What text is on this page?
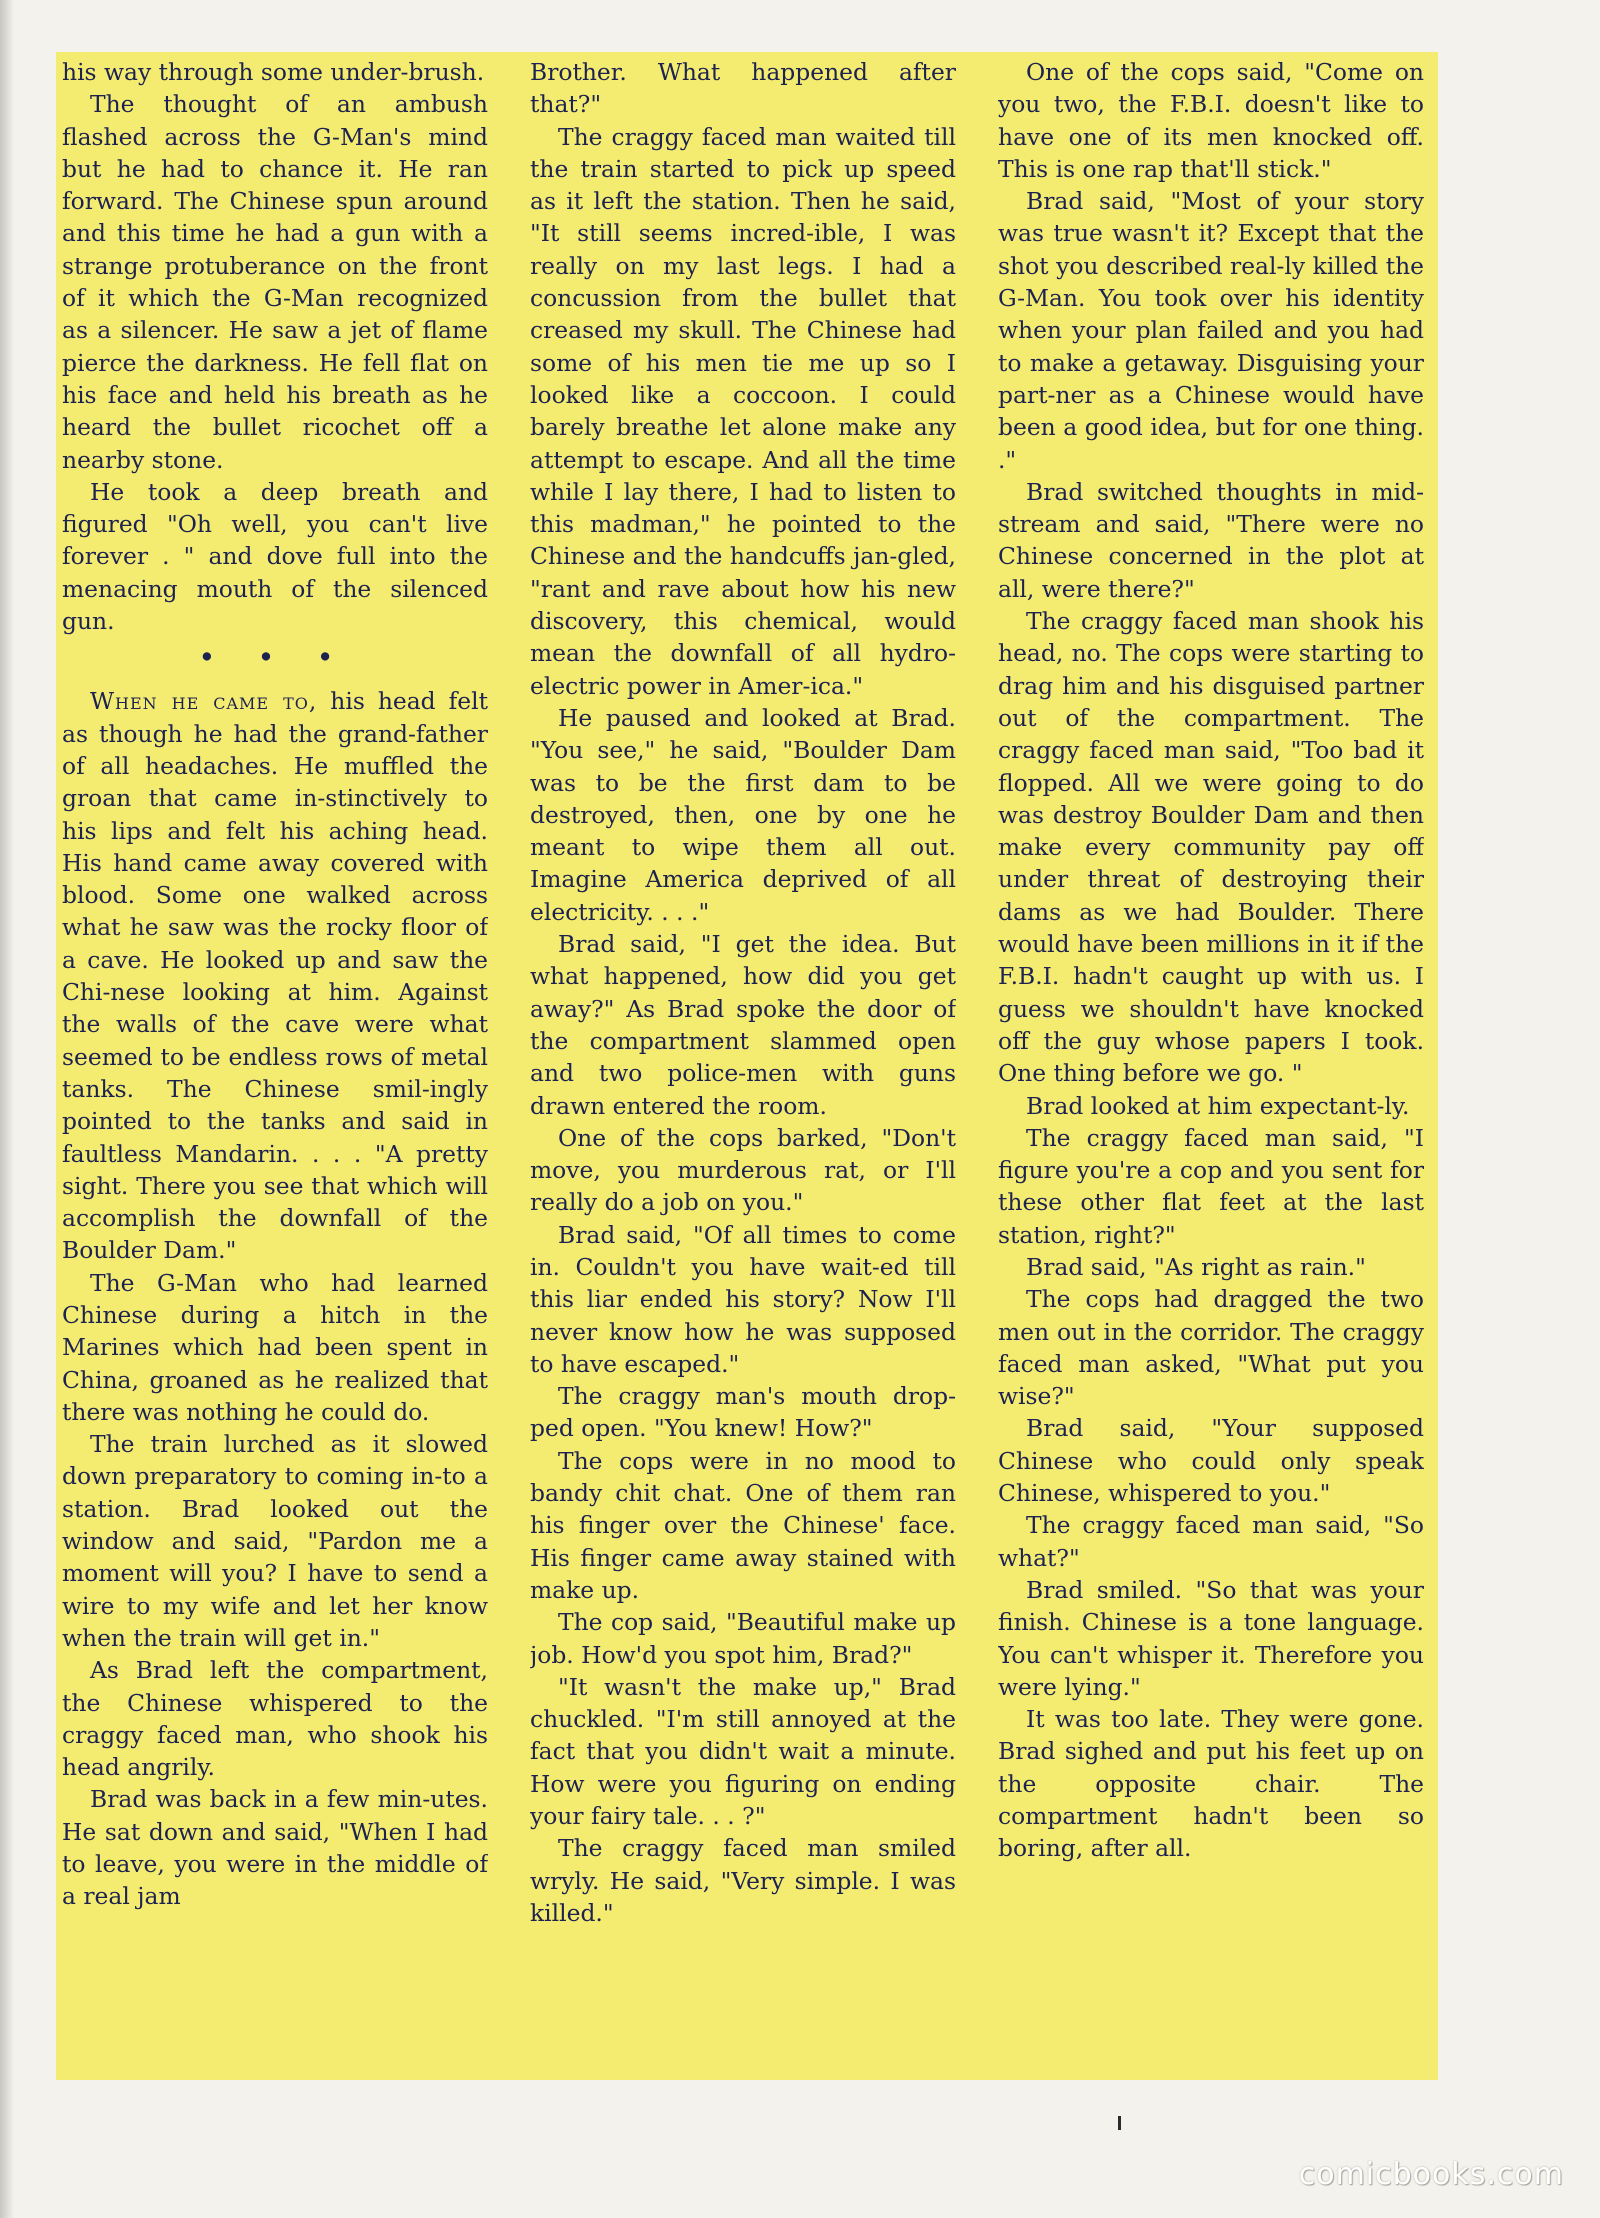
his way through some under-brush.

The thought of an ambush flashed across the G-Man's mind but he had to chance it. He ran forward. The Chinese spun around and this time he had a gun with a strange protuberance on the front of it which the G-Man recognized as a silencer. He saw a jet of flame pierce the darkness. He fell flat on his face and held his breath as he heard the bullet ricochet off a nearby stone.

He took a deep breath and figured "Oh well, you can't live forever . " and dove full into the menacing mouth of the silenced gun.

• • •

When he came to, his head felt as though he had the grand-father of all headaches. He muffled the groan that came in-stinctively to his lips and felt his aching head. His hand came away covered with blood. Some one walked across what he saw was the rocky floor of a cave. He looked up and saw the Chi-nese looking at him. Against the walls of the cave were what seemed to be endless rows of metal tanks. The Chinese smil-ingly pointed to the tanks and said in faultless Mandarin. . . . "A pretty sight. There you see that which will accomplish the downfall of the Boulder Dam."

The G-Man who had learned Chinese during a hitch in the Marines which had been spent in China, groaned as he realized that there was nothing he could do.

The train lurched as it slowed down preparatory to coming in-to a station. Brad looked out the window and said, "Pardon me a moment will you? I have to send a wire to my wife and let her know when the train will get in."

As Brad left the compartment, the Chinese whispered to the craggy faced man, who shook his head angrily.

Brad was back in a few min-utes. He sat down and said, "When I had to leave, you were in the middle of a real jam

Brother. What happened after that?"

The craggy faced man waited till the train started to pick up speed as it left the station. Then he said, "It still seems incred-ible, I was really on my last legs. I had a concussion from the bullet that creased my skull. The Chinese had some of his men tie me up so I looked like a coccoon. I could barely breathe let alone make any attempt to escape. And all the time while I lay there, I had to listen to this madman," he pointed to the Chinese and the handcuffs jan-gled, "rant and rave about how his new discovery, this chemical, would mean the downfall of all hydro-electric power in Amer-ica."

He paused and looked at Brad. "You see," he said, "Boulder Dam was to be the first dam to be destroyed, then, one by one he meant to wipe them all out. Imagine America deprived of all electricity. . . ."

Brad said, "I get the idea. But what happened, how did you get away?" As Brad spoke the door of the compartment slammed open and two police-men with guns drawn entered the room.

One of the cops barked, "Don't move, you murderous rat, or I'll really do a job on you."

Brad said, "Of all times to come in. Couldn't you have wait-ed till this liar ended his story? Now I'll never know how he was supposed to have escaped."

The craggy man's mouth drop-ped open. "You knew! How?"

The cops were in no mood to bandy chit chat. One of them ran his finger over the Chinese' face. His finger came away stained with make up.

The cop said, "Beautiful make up job. How'd you spot him, Brad?"

"It wasn't the make up," Brad chuckled. "I'm still annoyed at the fact that you didn't wait a minute. How were you figuring on ending your fairy tale. . . ?"

The craggy faced man smiled wryly. He said, "Very simple. I was killed."

One of the cops said, "Come on you two, the F.B.I. doesn't like to have one of its men knocked off. This is one rap that'll stick."

Brad said, "Most of your story was true wasn't it? Except that the shot you described real-ly killed the G-Man. You took over his identity when your plan failed and you had to make a getaway. Disguising your part-ner as a Chinese would have been a good idea, but for one thing. ."

Brad switched thoughts in mid-stream and said, "There were no Chinese concerned in the plot at all, were there?"

The craggy faced man shook his head, no. The cops were starting to drag him and his disguised partner out of the compartment. The craggy faced man said, "Too bad it flopped. All we were going to do was destroy Boulder Dam and then make every community pay off under threat of destroying their dams as we had Boulder. There would have been millions in it if the F.B.I. hadn't caught up with us. I guess we shouldn't have knocked off the guy whose papers I took. One thing before we go. "

Brad looked at him expectant-ly.

The craggy faced man said, "I figure you're a cop and you sent for these other flat feet at the last station, right?"

Brad said, "As right as rain."

The cops had dragged the two men out in the corridor. The craggy faced man asked, "What put you wise?"

Brad said, "Your supposed Chinese who could only speak Chinese, whispered to you."

The craggy faced man said, "So what?"

Brad smiled. "So that was your finish. Chinese is a tone language. You can't whisper it. Therefore you were lying."

It was too late. They were gone. Brad sighed and put his feet up on the opposite chair. The compartment hadn't been so boring, after all.

comicbooks.com
